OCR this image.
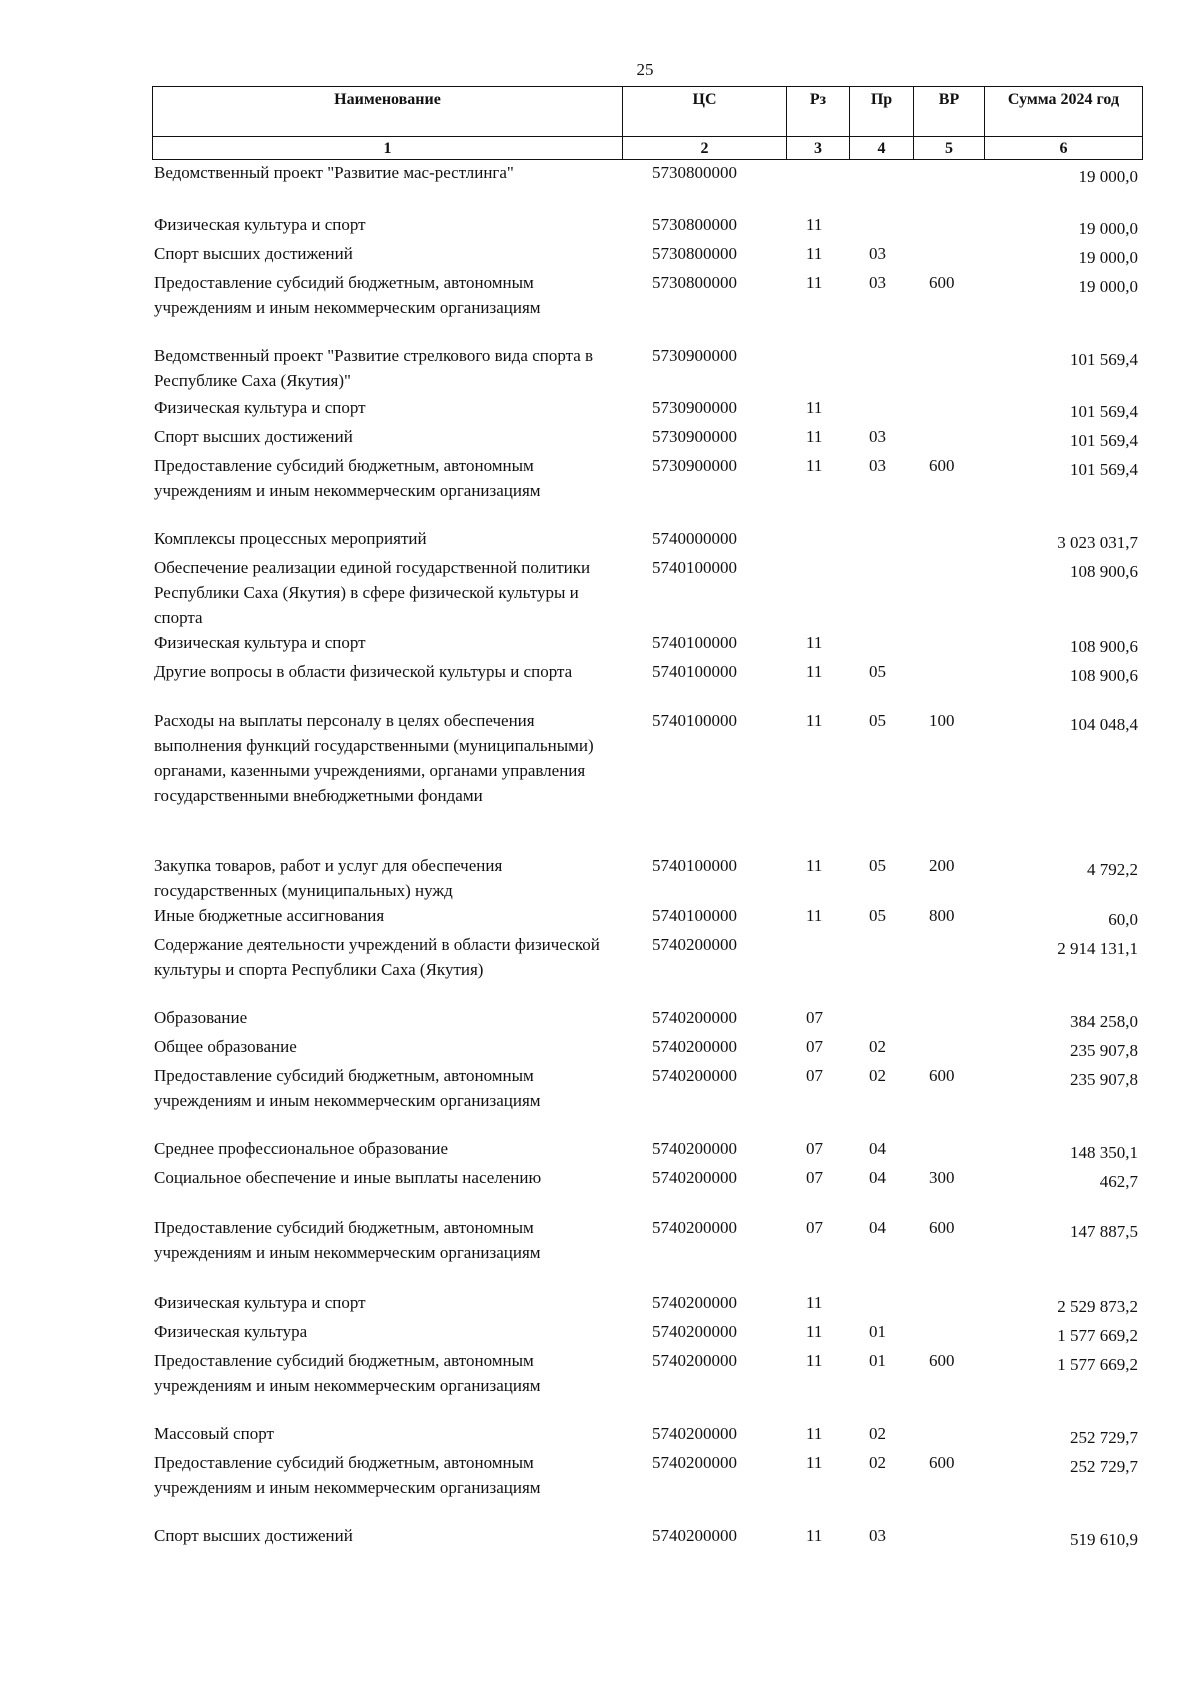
25
Наименование	ЦС	Рз	Пр	ВР	Сумма 2024 год
1	2	3	4	5	6
Ведомственный проект "Развитие мас-рестлинга"	5730800000				19 000,0
Физическая культура и спорт	5730800000	11			19 000,0
Спорт высших достижений	5730800000	11	03		19 000,0
Предоставление субсидий бюджетным, автономным учреждениям и иным некоммерческим организациям	5730800000	11	03	600	19 000,0
Ведомственный проект "Развитие стрелкового вида спорта в Республике Саха (Якутия)"	5730900000				101 569,4
Физическая культура и спорт	5730900000	11			101 569,4
Спорт высших достижений	5730900000	11	03		101 569,4
Предоставление субсидий бюджетным, автономным учреждениям и иным некоммерческим организациям	5730900000	11	03	600	101 569,4
Комплексы процессных мероприятий	5740000000				3 023 031,7
Обеспечение реализации единой государственной политики Республики Саха (Якутия) в сфере физической культуры и спорта	5740100000				108 900,6
Физическая культура и спорт	5740100000	11			108 900,6
Другие вопросы в области физической культуры и спорта	5740100000	11	05		108 900,6
Расходы на выплаты персоналу в целях обеспечения выполнения функций государственными (муниципальными) органами, казенными учреждениями, органами управления государственными внебюджетными фондами	5740100000	11	05	100	104 048,4
Закупка товаров, работ и услуг для обеспечения государственных (муниципальных) нужд	5740100000	11	05	200	4 792,2
Иные бюджетные ассигнования	5740100000	11	05	800	60,0
Содержание деятельности учреждений в области физической культуры и спорта Республики Саха (Якутия)	5740200000				2 914 131,1
Образование	5740200000	07			384 258,0
Общее образование	5740200000	07	02		235 907,8
Предоставление субсидий бюджетным, автономным учреждениям и иным некоммерческим организациям	5740200000	07	02	600	235 907,8
Среднее профессиональное образование	5740200000	07	04		148 350,1
Социальное обеспечение и иные выплаты населению	5740200000	07	04	300	462,7
Предоставление субсидий бюджетным, автономным учреждениям и иным некоммерческим организациям	5740200000	07	04	600	147 887,5
Физическая культура и спорт	5740200000	11			2 529 873,2
Физическая культура	5740200000	11	01		1 577 669,2
Предоставление субсидий бюджетным, автономным учреждениям и иным некоммерческим организациям	5740200000	11	01	600	1 577 669,2
Массовый спорт	5740200000	11	02		252 729,7
Предоставление субсидий бюджетным, автономным учреждениям и иным некоммерческим организациям	5740200000	11	02	600	252 729,7
Спорт высших достижений	5740200000	11	03		519 610,9
